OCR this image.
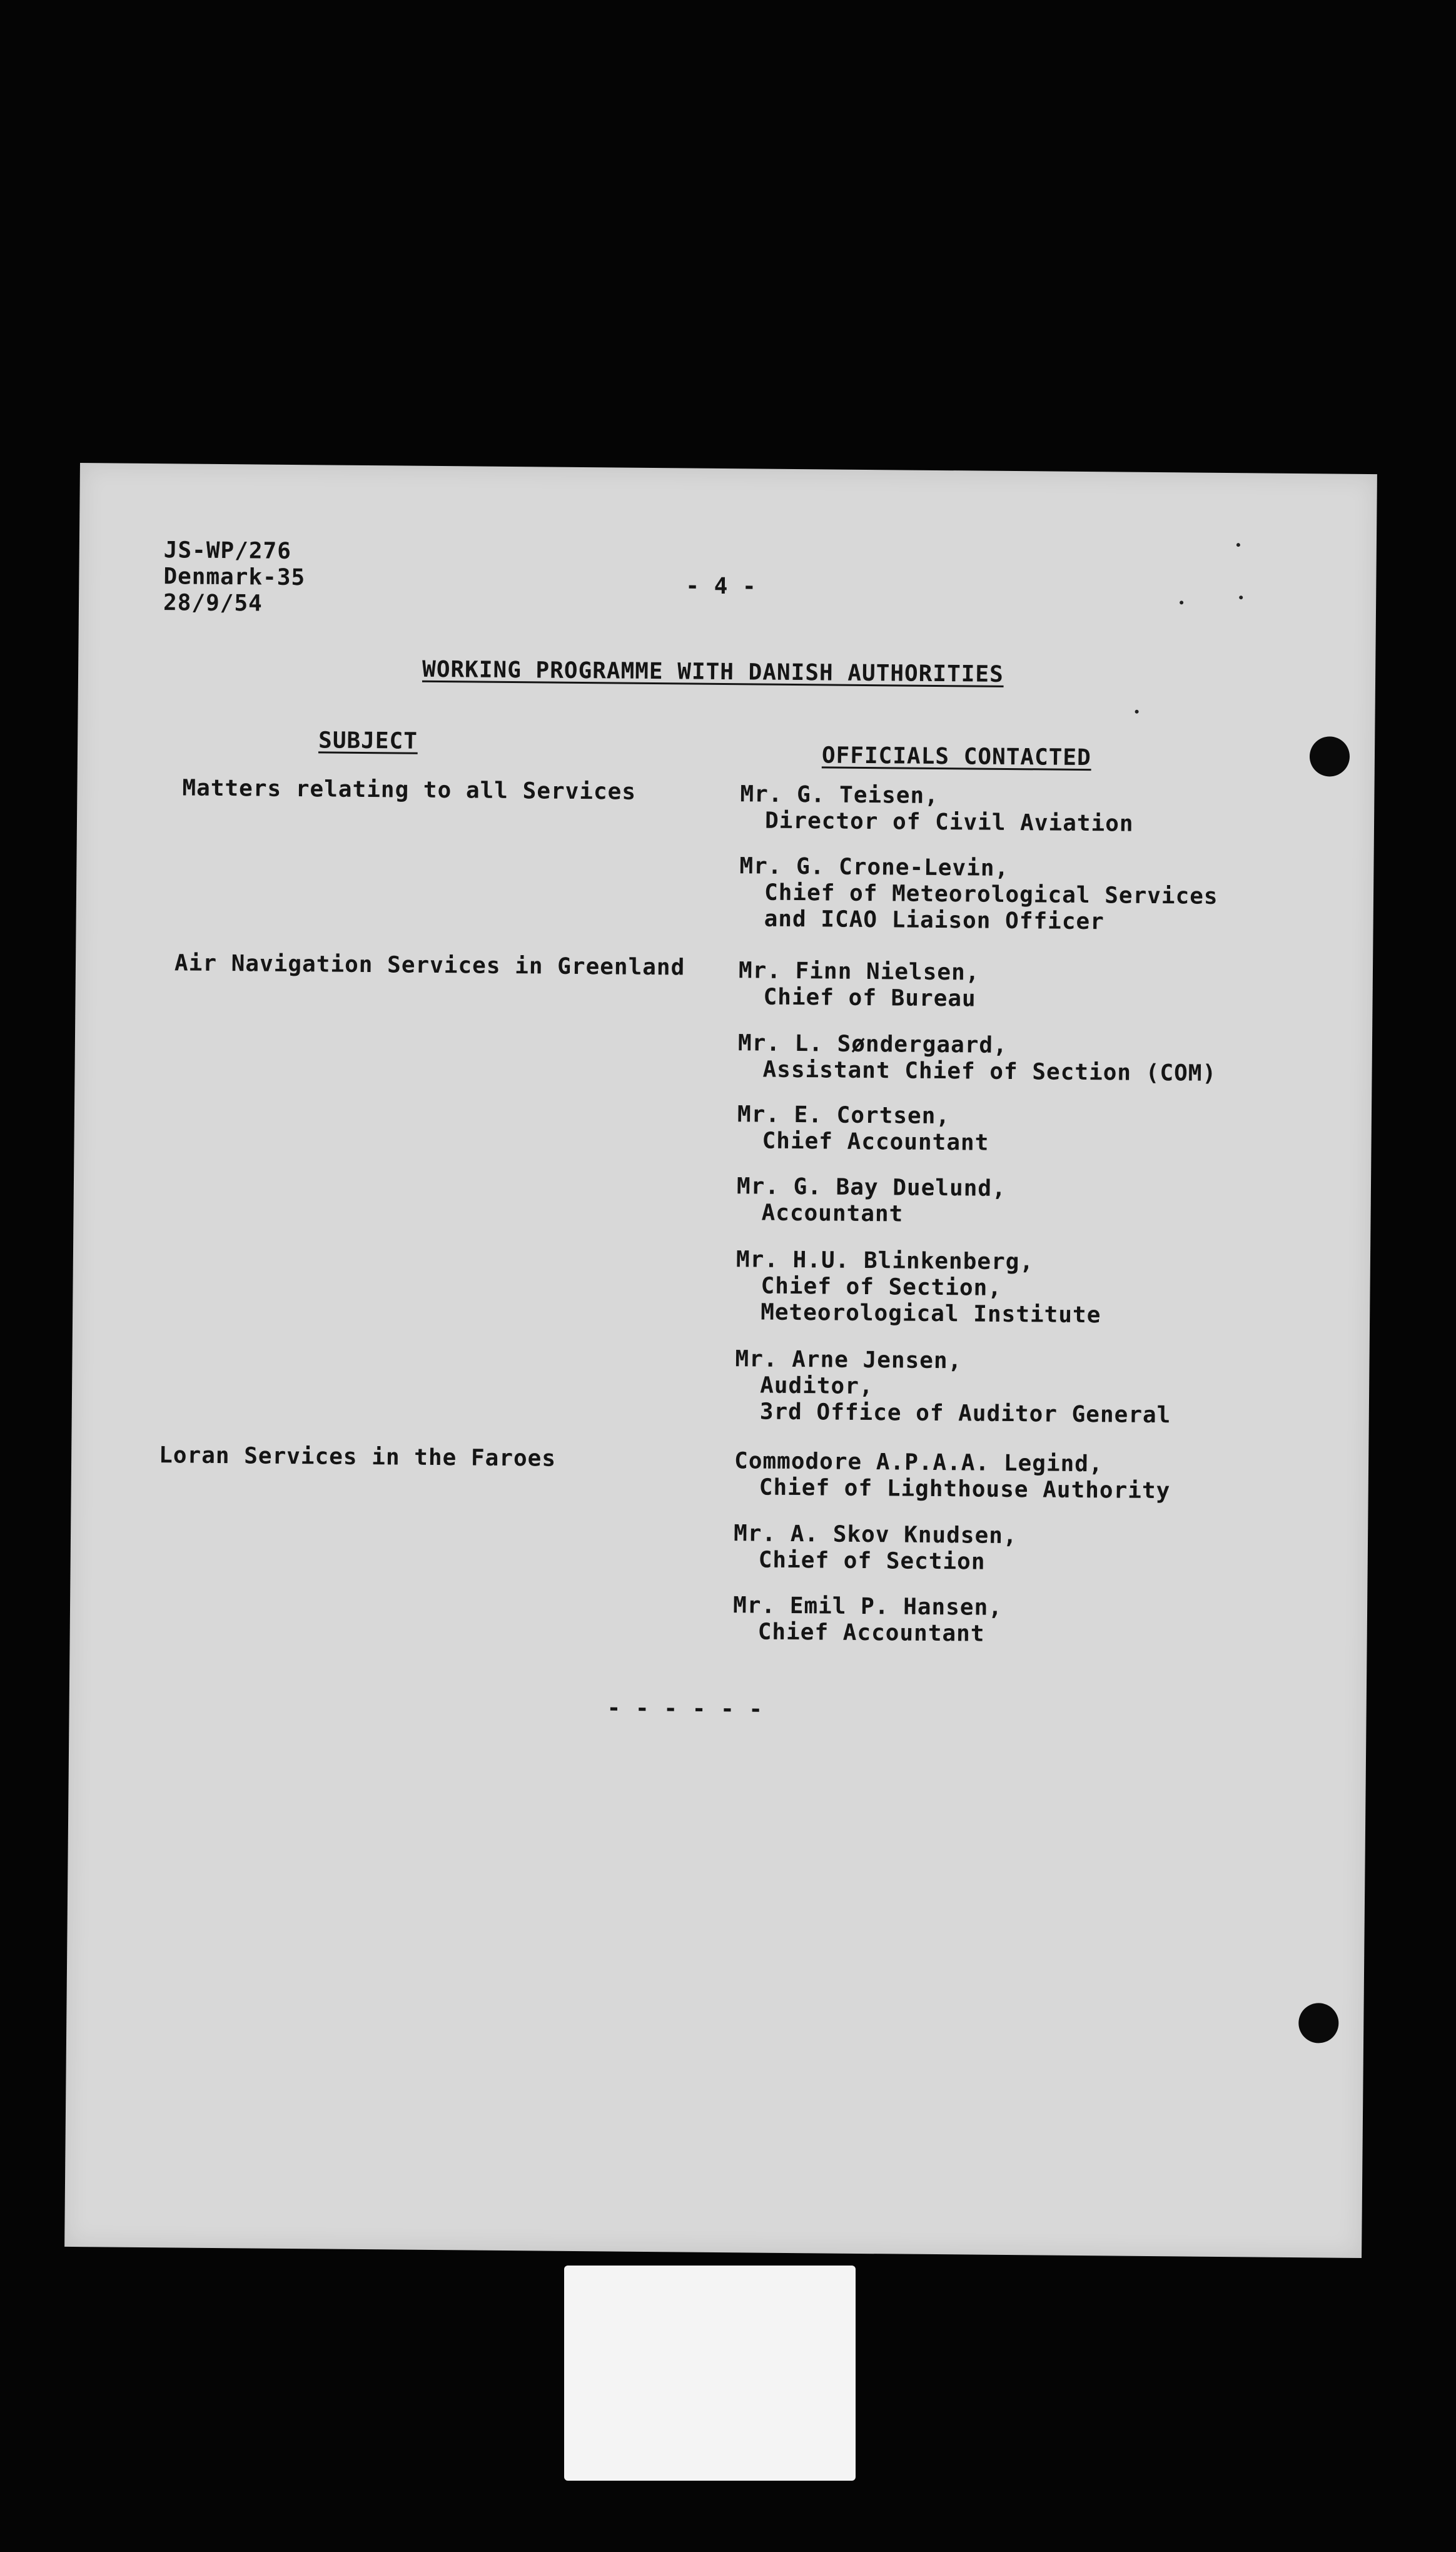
JS-WP/276
Denmark-35
28/9/54
- 4 -
WORKING PROGRAMME WITH DANISH AUTHORITIES
SUBJECT
OFFICIALS CONTACTED
Matters relating to all Services
Air Navigation Services in Greenland
Loran Services in the Faroes
Mr. G. Teisen,
Director of Civil Aviation
Mr. G. Crone-Levin,
Chief of Meteorological Services
and ICAO Liaison Officer
Mr. Finn Nielsen,
Chief of Bureau
Mr. L. Søndergaard,
Assistant Chief of Section (COM)
Mr. E. Cortsen,
Chief Accountant
Mr. G. Bay Duelund,
Accountant
Mr. H.U. Blinkenberg,
Chief of Section,
Meteorological Institute
Mr. Arne Jensen,
Auditor,
3rd Office of Auditor General
Commodore A.P.A.A. Legind,
Chief of Lighthouse Authority
Mr. A. Skov Knudsen,
Chief of Section
Mr. Emil P. Hansen,
Chief Accountant
- - - - - -
